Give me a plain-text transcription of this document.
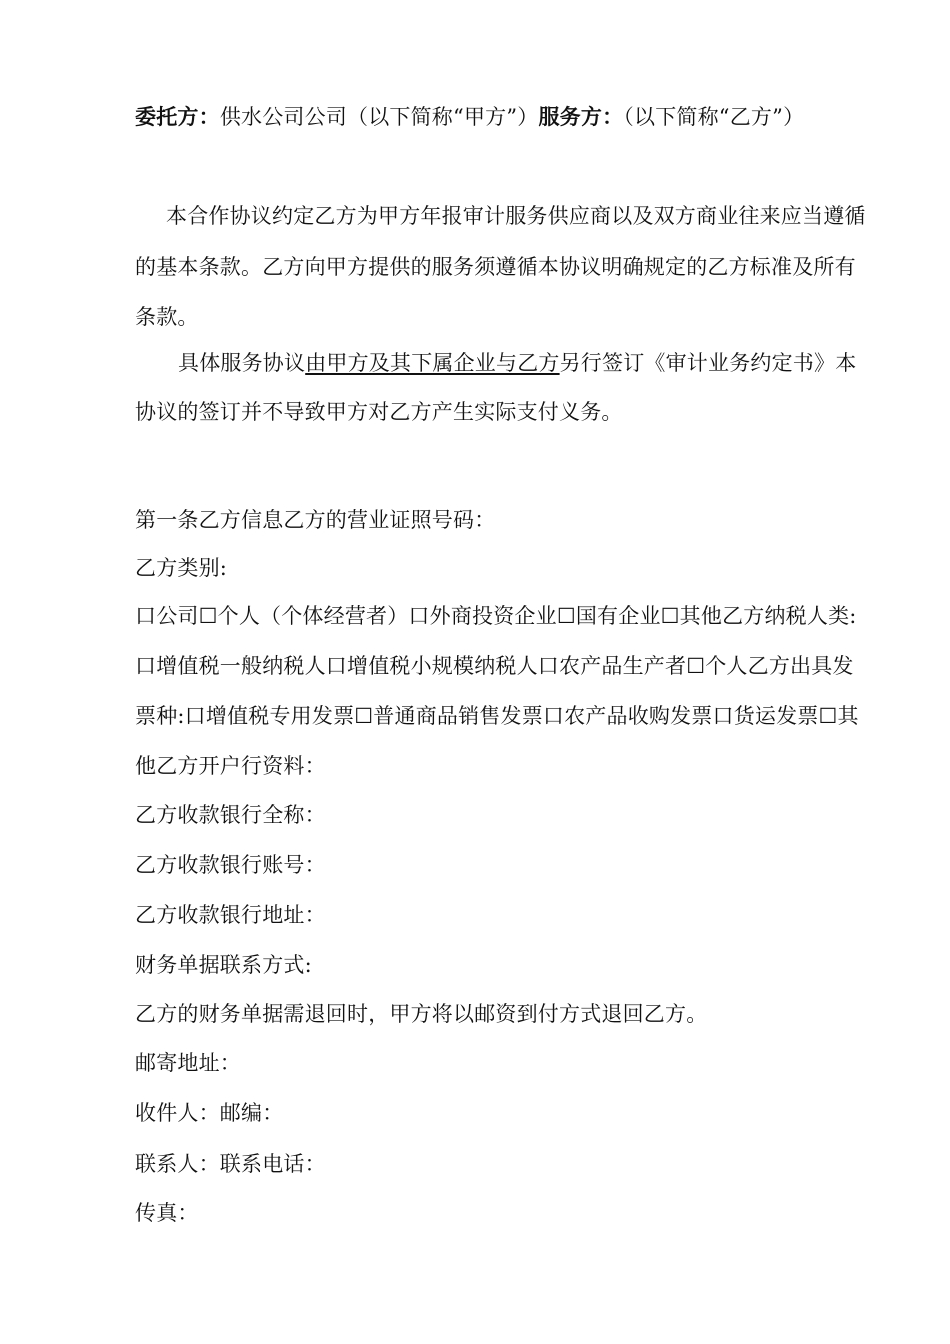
委托方：供水公司公司（以下简称“甲方”）服务方：（以下简称“乙方”）
本合作协议约定乙方为甲方年报审计服务供应商以及双方商业往来应当遵循
的基本条款。乙方向甲方提供的服务须遵循本协议明确规定的乙方标准及所有
条款。
具体服务协议由甲方及其下属企业与乙方另行签订《审计业务约定书》本
协议的签订并不导致甲方对乙方产生实际支付义务。
第一条乙方信息乙方的营业证照号码：
乙方类别:
口公司☐个人（个体经营者）口外商投资企业☐国有企业☐其他乙方纳税人类:
口增值税一般纳税人口增值税小规模纳税人口农产品生产者☐个人乙方出具发
票种:口增值税专用发票☐普通商品销售发票口农产品收购发票口货运发票☐其
他乙方开户行资料：
乙方收款银行全称：
乙方收款银行账号：
乙方收款银行地址：
财务单据联系方式:
乙方的财务单据需退回时，甲方将以邮资到付方式退回乙方。
邮寄地址：
收件人：邮编：
联系人：联系电话：
传真：
